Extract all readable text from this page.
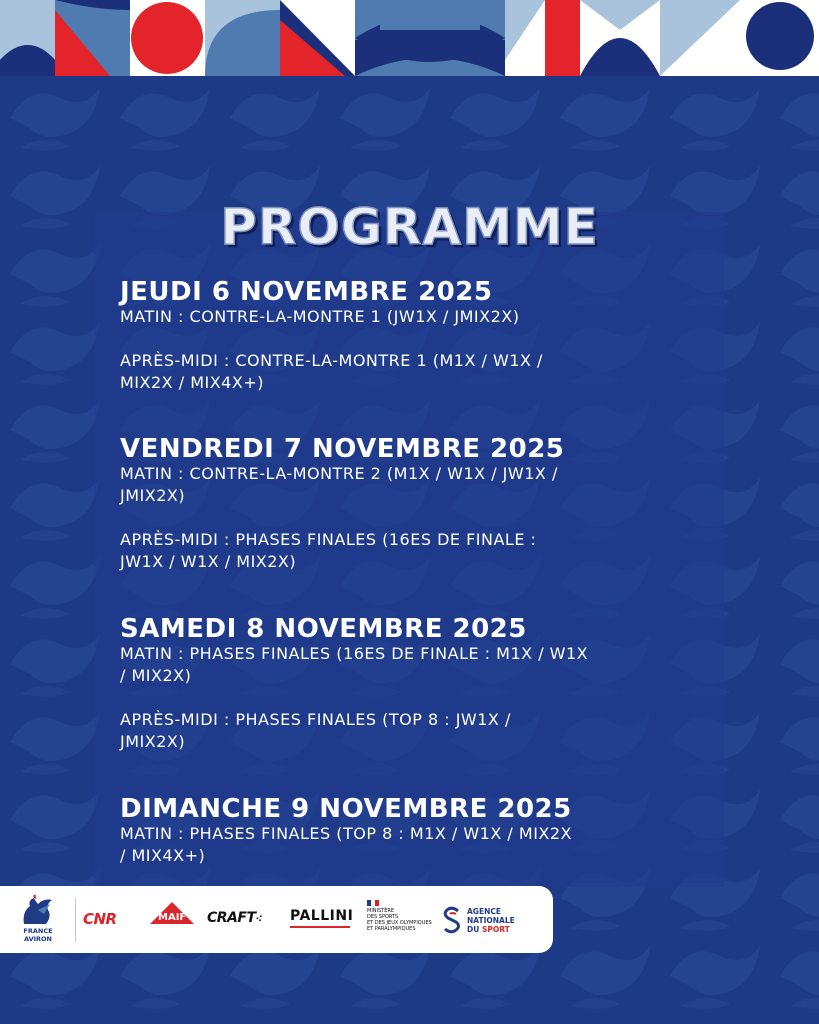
PROGRAMME
JEUDI 6 NOVEMBRE 2025
MATIN : CONTRE-LA-MONTRE 1 (JW1X / JMIX2X)
APRÈS-MIDI : CONTRE-LA-MONTRE 1 (M1X / W1X /
MIX2X / MIX4X+)
VENDREDI 7 NOVEMBRE 2025
MATIN : CONTRE-LA-MONTRE 2 (M1X / W1X / JW1X /
JMIX2X)
APRÈS-MIDI : PHASES FINALES (16ES DE FINALE :
JW1X / W1X / MIX2X)
SAMEDI 8 NOVEMBRE 2025
MATIN : PHASES FINALES (16ES DE FINALE : M1X / W1X
/ MIX2X)
APRÈS-MIDI : PHASES FINALES (TOP 8 : JW1X /
JMIX2X)
DIMANCHE 9 NOVEMBRE 2025
MATIN : PHASES FINALES (TOP 8 : M1X / W1X / MIX2X
/ MIX4X+)
FRANCE
AVIRON
CNR	MAIF CRAFT⁖ PALLINI	MINISTÈRE
DES SPORTS
ET DES JEUX OLYMPIQUES
ET PARALYMPIQUES
AGENCE
NATIONALE
DU SPORT
